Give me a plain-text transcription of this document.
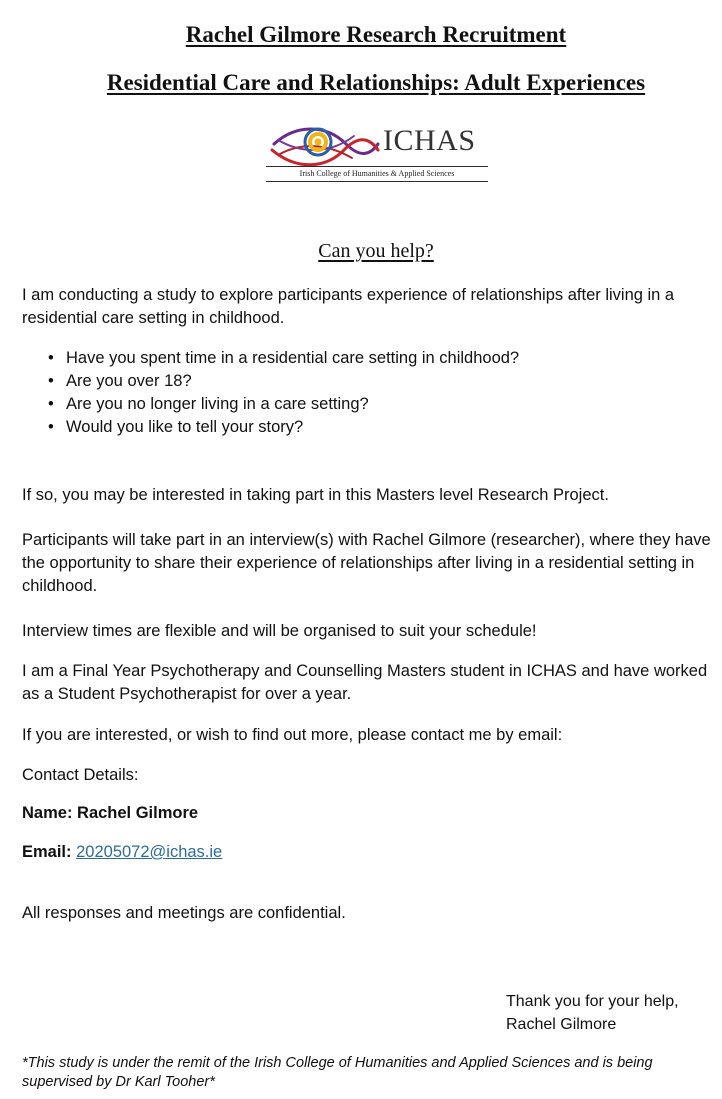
Rachel Gilmore Research Recruitment
Residential Care and Relationships: Adult Experiences
ICHAS
Irish College of Humanities & Applied Sciences
Can you help?
I am conducting a study to explore participants experience of relationships after living in a residential care setting in childhood.
• Have you spent time in a residential care setting in childhood?
• Are you over 18?
• Are you no longer living in a care setting?
• Would you like to tell your story?
If so, you may be interested in taking part in this Masters level Research Project.
Participants will take part in an interview(s) with Rachel Gilmore (researcher), where they have the opportunity to share their experience of relationships after living in a residential setting in childhood.
Interview times are flexible and will be organised to suit your schedule!
I am a Final Year Psychotherapy and Counselling Masters student in ICHAS and have worked as a Student Psychotherapist for over a year.
If you are interested, or wish to find out more, please contact me by email:
Contact Details:
Name: Rachel Gilmore
Email: 20205072@ichas.ie
All responses and meetings are confidential.
Thank you for your help,
Rachel Gilmore
*This study is under the remit of the Irish College of Humanities and Applied Sciences and is being supervised by Dr Karl Tooher*
